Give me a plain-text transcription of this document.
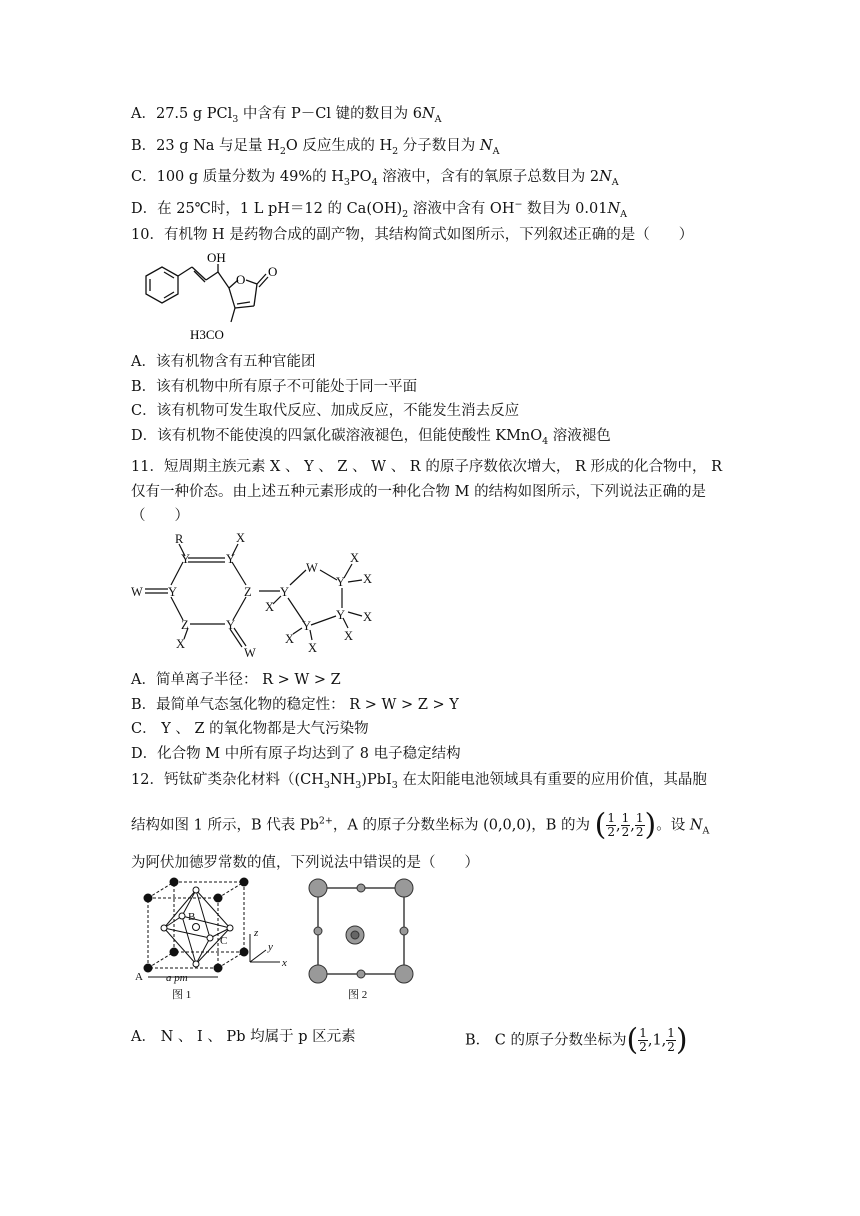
A．27.5 g PCl$_3$ 中含有 P－Cl 键的数目为 $6N_A$
B．23 g Na 与足量 $H_2O$ 反应生成的 $H_2$ 分子数目为 $N_A$
C．100 g 质量分数为 49%的 $H_3PO_4$ 溶液中，含有的氧原子总数目为 $2N_A$
D．在 25℃时，1 L pH＝12 的 $Ca(OH)_2$ 溶液中含有 OH− 数目为 $0.01N_A$
10．有机物 H 是药物合成的副产物，其结构简式如图所示，下列叙述正确的是（　　）
OH
O
O
H3CO
A．该有机物含有五种官能团
B．该有机物中所有原子不可能处于同一平面
C．该有机物可发生取代反应、加成反应，不能发生消去反应
D．该有机物不能使溴的四氯化碳溶液褪色，但能使酸性 KMnO$_4$ 溶液褪色
11．短周期主族元素 X 、 Y 、 Z 、 W 、 R 的原子序数依次增大， R 形成的化合物中， R
仅有一种价态。由上述五种元素形成的一种化合物 M 的结构如图所示，下列说法正确的是
（　　）
R
Y	Y
X
W Y	Z
Z
X
Y
W
Y
W
Y
X
X
X
Y X
X
Y
X
X
A．简单离子半径： R > W > Z
B．最简单气态氢化物的稳定性： R > W > Z > Y
C． Y 、 Z 的氧化物都是大气污染物
D．化合物 M 中所有原子均达到了 8 电子稳定结构
12．钙钛矿类杂化材料（$(CH_3NH_3)PbI_3$ 在太阳能电池领域具有重要的应用价值，其晶胞
结构如图 1 所示，B 代表 $Pb^{2+}$，A 的原子分数坐标为 (0,0,0)，B 的为 ( $\frac{1}{2}$ , $\frac{1}{2}$ , $\frac{1}{2}$ )。设 $N_A$
为阿伏加德罗常数的值，下列说法中错误的是（　　）
B
C
A
z
y
x
a pm
图 1	图 2
A． N 、 I 、 Pb 均属于 p 区元素	B． C 的原子分数坐标为( $\frac{1}{2} ,1$, $\frac{1}{2}$ )
